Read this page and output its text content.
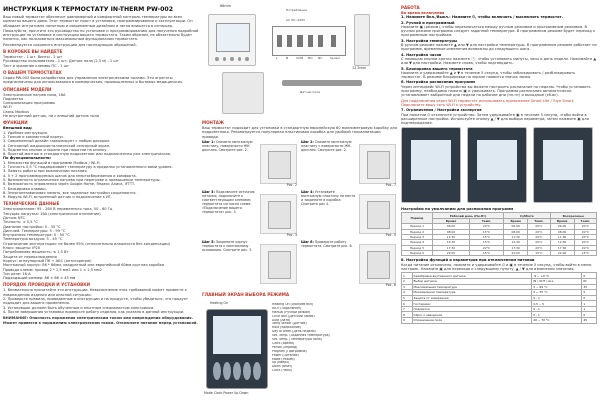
ИНСТРУКЦИЯ К ТЕРМОСТАТУ IN-THERM PW-002

Ваш новый термостат обеспечит равномерный и комфортный контроль температуры во всех комнатах вашего дома. Этот термостат прост в установке, программировании и эксплуатации. Он обладает интуитивно понятным и современным дизайном и легко впишется в интерьер.

Пожалуйста, прочтите это руководство по установке и программированию для получения подробной инструкции по установке и инструкции вашего термостата. Таким образом, не обязательно будет понятно, как пользоваться максимальным функционалом термостата.

Рекомендуется сохранить инструкцию для последующих обращений.

В КОРОБКЕ ВЫ НАЙДЕТЕ

Термостат - 1 шт. Винты - 2 шт

Руководство пользователя - 1 шт; Датчик пола (2,5 м) - 1 шт

Тест и хранение клеммы ПС - 1 шт

О ВАШЕМ ТЕРМОСТАТАХ

Серия PW-002 была разработана для управления электрическими полами. Эти агрегаты предназначены для использования в коммерческих, промышленных и бытовых медицинских.

ОПИСАНИЕ МОДЕЛИ

Электрическое нагрев пола, 16А

Подсветка

Синхронизация программы

Wi-Fi

Связь Modbus

Не внутренний датчик, ни с внешний датчик пола

ФУНКЦИИ

Внешний вид:

1. Удобная инструкция.

2. Тонкие и компактный корпус.

3. Современный дизайн гармонирует с любым декором.

4. Сенсорный жидкокристаллический сенсорный экран.

5. Подсветка кнопок и экрана при нажатии на кнопку.

6. Простой монтаж в стандартную подрозетник или подключенная уже электрическая.

По функциональности:

1. Множество функций в программе Modbus / Wi-Fi.

2. Точность 0,5 °С поддерживает температуру в пределах установленного вами уровня.

3. Память работы при выключении питания.

4. 5 + 2 программируемых шагов для энергосбережения и комфорта.

5. Возможность ограничения нагрева при перегреве и превышении температуры.

6. Возможность управления через Google Home, Яндекс Алиса, IFTTT.

7. Блокировка клавиш.

8. Энергонезависимая память, все заданные настройки сохраняются.

9. Модуль Wi-Fi, встроенный датчик и подключение к ИТ.

ТЕХНИЧЕСКИЕ ДАННЫЕ

Электропитание: 95 - 260 В переменного тока, 50 - 60 Гц

Текущая нагрузка: 16А (электрическое отопление)

Датчик NTC

Точность: ± 0,5 °С

Диапазон настройки: 5 - 35 °С

Дисплей. Температуры: 5 - 99 °С

Внутренняя температура: 0 - 50 °С

Температура воздуха: 5 - 45 °С

Ограничение эксплуатации: не более 95% (относительно влажности без конденсации)

Класс защиты: IP20

Потребляемая мощность: ≤ 1,5 Вт

Защита от переохлаждения

Корпус: огнеупорный ПК + АБС (антигорение)

Монтажный корпус: 86 * 86мм, квадратный или европейский 60мм круглая коробка

Провода клемм: провод 2 * 1,5 мм2 или 1 × 2,5 мм2

Тип реле: 16 А

Подходящий размер: 86 × 86 × 45 мм

ПОРЯДОК ПРОВОДКИ И УСТАНОВКИ

1. Внимательно прочитайте эти инструкции. Невыполнение этих требований может привести к повреждению изделия или опасной ситуации.

2. Проверьте правила, приведенные в инструкции и на продукте, чтобы убедиться, что продукт подходит для вашего применения.

3. Установщик должен быть обученным и опытным специалистом-электриком.

4. После завершения установки проверьте работу изделия, как указано в данной инструкции.

ВНИМАНИЕ: Опасность поражения электрическим током или повреждения оборудования. Может привести к поражению электрическим током. Отключите питание перед установкой.

86mm
AC 95~240V
Потребление
L	N	COM NO NC	Sensor
12.5mm
Датчик пола
МОНТАЖ

Ваш термостат подходит для установки в стандартную европейскую 60 миллиметровую коробку для подрозетника. Рекомендуется популярная пластиковая коробка для удобной гальванизации провода.

Шаг 1: Снимите монтажную пластину, поверхности ЖК дисплея. Смотрите рис. 2.
Рис. 2
Шаг 2: Снимите монтажную пластину с поверхности ЖК-дисплея. Смотрите рис. 2.
Рис. 7
Шаг 3: Подключите источник питания, подключите к соответствующим клеммам термостата согласно схеме. «Подключение вашего термостата» рис. 3.
Рис. 3
Шаг 4: Установите монтажную пластину на место и закрепите в коробке. Смотрите рис 4.
Рис. 5
Шаг 5: Закрепите корпус термостата к монтажному основанию. Смотрите рис. 5.
Шаг 6: Проверьте работу термостата. Смотрите рис. 6.
Рис. 6
ГЛАВНЫЙ ЭКРАН ВЫБОРА РЕЖИМА
Heating On
Mode Clock Power Up Down
Heating On (Обогрев вкл)
Wi-Fi (Подключен)
Manual (Ручной режим)
Child lock (Детский замок)
Auto (Авто)
Temp sensor (Датчик)
Hold (Удержание)
Day of week (День недели)
Set. Temp. (Заданная температура)
Set. Temp. (Температура пола)
Clock (Время)
Period (Период)
Program (Программа)
Power (Питание)
Mode (Режим)
Up (Вверх)
Down (Вниз)
Clock (Часы)
РАБОТА

Во время включения

1. Нажмите Вкл./Выкл.: Нажмите ⏻, чтобы включить / выключить термостат.

2. Ручной и программный

Нажмите ▣ (режим), чтобы переключаться между ручным режимом и программным режимом. В ручном режиме программа следует заданной температуре. В программном режиме будет переход к программным настройкам.

3. Настройки температуры

В ручном режиме нажмите ▲ или ▼ для настройки температуры. В программном режиме работает по программе, временные изменения возможны до следующего шага.

4. Настройка часов

С помощью кнопки кратко нажмите 🕑, чтобы установить минуты, часы и день недели. Нажимайте ▲ или ▼ для настройки. Нажмите снова, чтобы подтвердить.

5. Блокировка вашего термостата

Нажмите и удерживайте ▲ и ▼ в течение 5 секунд, чтобы заблокировать / разблокировать термостат. В режиме блокировки на экране появится значок замка.

6. Настройка расписания программ

Через интерфейс Wi-Fi устройства вы можете настроить расписание на неделю. Чтобы установить программу, необходимо нажать ▣ и удерживать. Программа расписания автоматически устанавливает выбранные дни недели на рабочие дни (пн-пт) и выходные (сб-вс).

Для подключения через Wi-Fi термостат использовать приложение Smart Life / Tuya Smart. Подключите вашу сеть Wi-Fi к устройству.

7. Ограничения / Настройки экспертов

При нажатии ⏻ отключите устройство. Затем удерживайте ▣ в течение 5 секунд, чтобы войти в расширенные настройки. Используйте кнопку ▲ / ▼ для выбора параметра, затем нажмите ▣ для подтверждения.

Настройки по умолчанию для расписания программ
Период	Рабочий день (Пн-Пт)		Суббота		Воскресенье	
	Время	Темп.	Время	Темп.	Время	Темп.
Период 1	06:00	20°C	06:00	20°C	06:00	20°C
Период 2	08:00	15°C	08:00	20°C	08:00	20°C
Период 3	11:30	15°C	11:30	20°C	11:30	20°C
Период 4	12:30	15°C	12:30	20°C	12:30	20°C
Период 5	17:30	22°C	17:30	20°C	17:30	20°C
Период 6	22:00	15°C	22:00	15°C	22:00	15°C

8. Настройка функций и параметров при отключенном питании

Когда питание отключено, нажмите и удерживайте ⏻ и ▣ в течение 5 секунд, чтобы войти в меню настроек. Нажмите ▣ для перехода к следующему пункту, ▲ / ▼ для изменения значения.

1	Калибровка внутреннего датчика	-9 ~ +9 °С	0
2	Выбор датчика	IN / OUT / ALL	IN
3	Максимальная температура	5 ~ 99 °С	35
4	Минимальная температура	5 ~ 35 °С	5
5	Защита от замерзания	0 - 1	0
6	Гистерезис	0,5 ~ 5	1
7	Подсветка	0 - 1	1
8	Сброс к заводским	0 - 1	0
9	Ограничение пола	20 ~ 70 °С	45
